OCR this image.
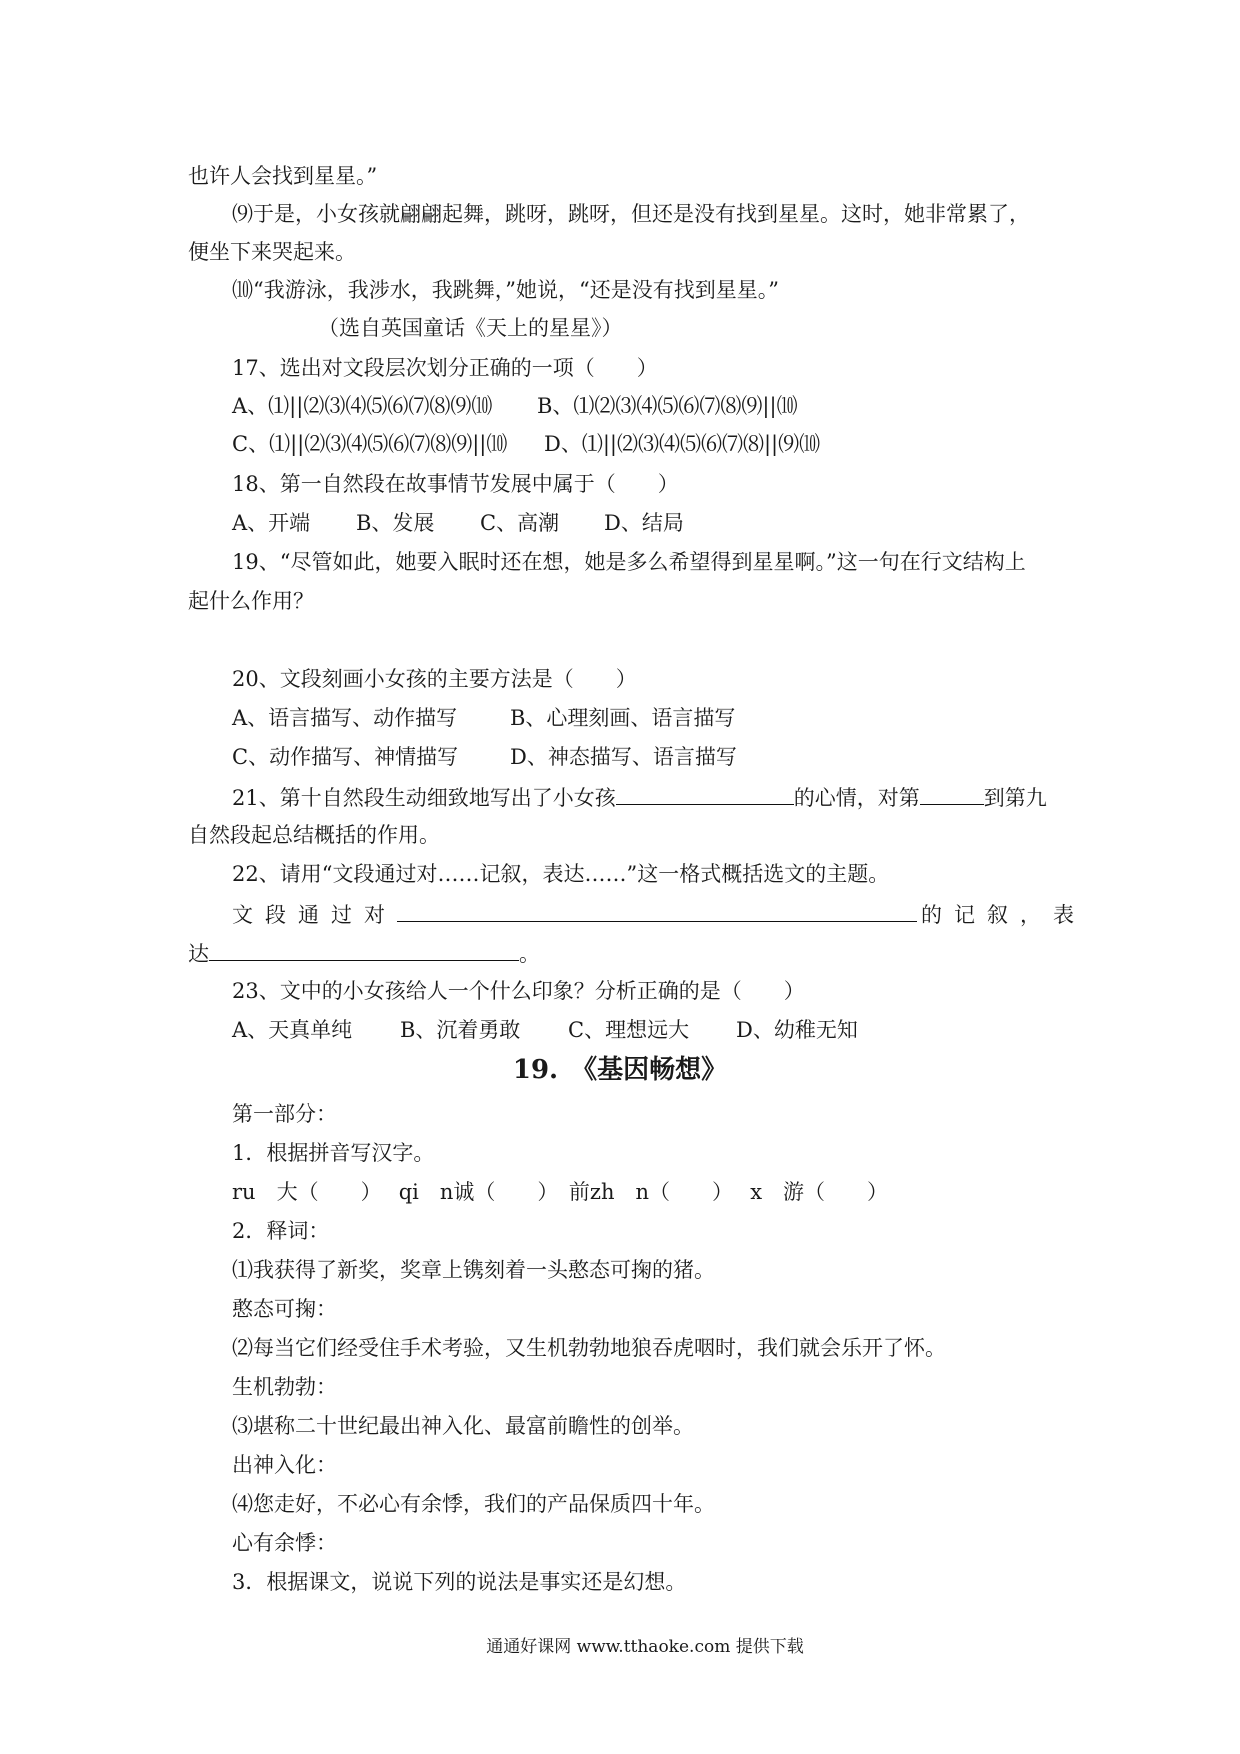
也许人会找到星星。”
⑼于是，小女孩就翩翩起舞，跳呀，跳呀，但还是没有找到星星。这时，她非常累了，
便坐下来哭起来。
⑽“我游泳，我涉水，我跳舞，”她说，“还是没有找到星星。”
（选自英国童话《天上的星星》）
17、选出对文段层次划分正确的一项（　　）
A、⑴||⑵⑶⑷⑸⑹⑺⑻⑼⑽ B、⑴⑵⑶⑷⑸⑹⑺⑻⑼||⑽
C、⑴||⑵⑶⑷⑸⑹⑺⑻⑼||⑽ D、⑴||⑵⑶⑷⑸⑹⑺⑻||⑼⑽
18、第一自然段在故事情节发展中属于（　　）
A、开端 B、发展 C、高潮 D、结局
19、“尽管如此，她要入眠时还在想，她是多么希望得到星星啊。”这一句在行文结构上
起什么作用？
20、文段刻画小女孩的主要方法是（　　）
A、语言描写、动作描写	B、心理刻画、语言描写
C、动作描写、神情描写 D、神态描写、语言描写
21、第十自然段生动细致地写出了小女孩	的心情，对第	到第九
自然段起总结概括的作用。
22、请用“文段通过对……记叙，表达……”这一格式概括选文的主题。
文段通过对	的记叙，表
达	。
23、文中的小女孩给人一个什么印象？分析正确的是（　　）
A、天真单纯 B、沉着勇敢 C、理想远大 D、幼稚无知
19.　《基因畅想》
第一部分：
1．根据拼音写汉字。
ru　大（　　）　 qi　n诚（　　）　前zh　n（　　）　 x　游（　　）
2．释词：
⑴我获得了新奖，奖章上镌刻着一头憨态可掬的猪。
憨态可掬：
⑵每当它们经受住手术考验，又生机勃勃地狼吞虎咽时，我们就会乐开了怀。
生机勃勃：
⑶堪称二十世纪最出神入化、最富前瞻性的创举。
出神入化：
⑷您走好，不必心有余悸，我们的产品保质四十年。
心有余悸：
3．根据课文，说说下列的说法是事实还是幻想。
通通好课网 www.tthaoke.com 提供下载
